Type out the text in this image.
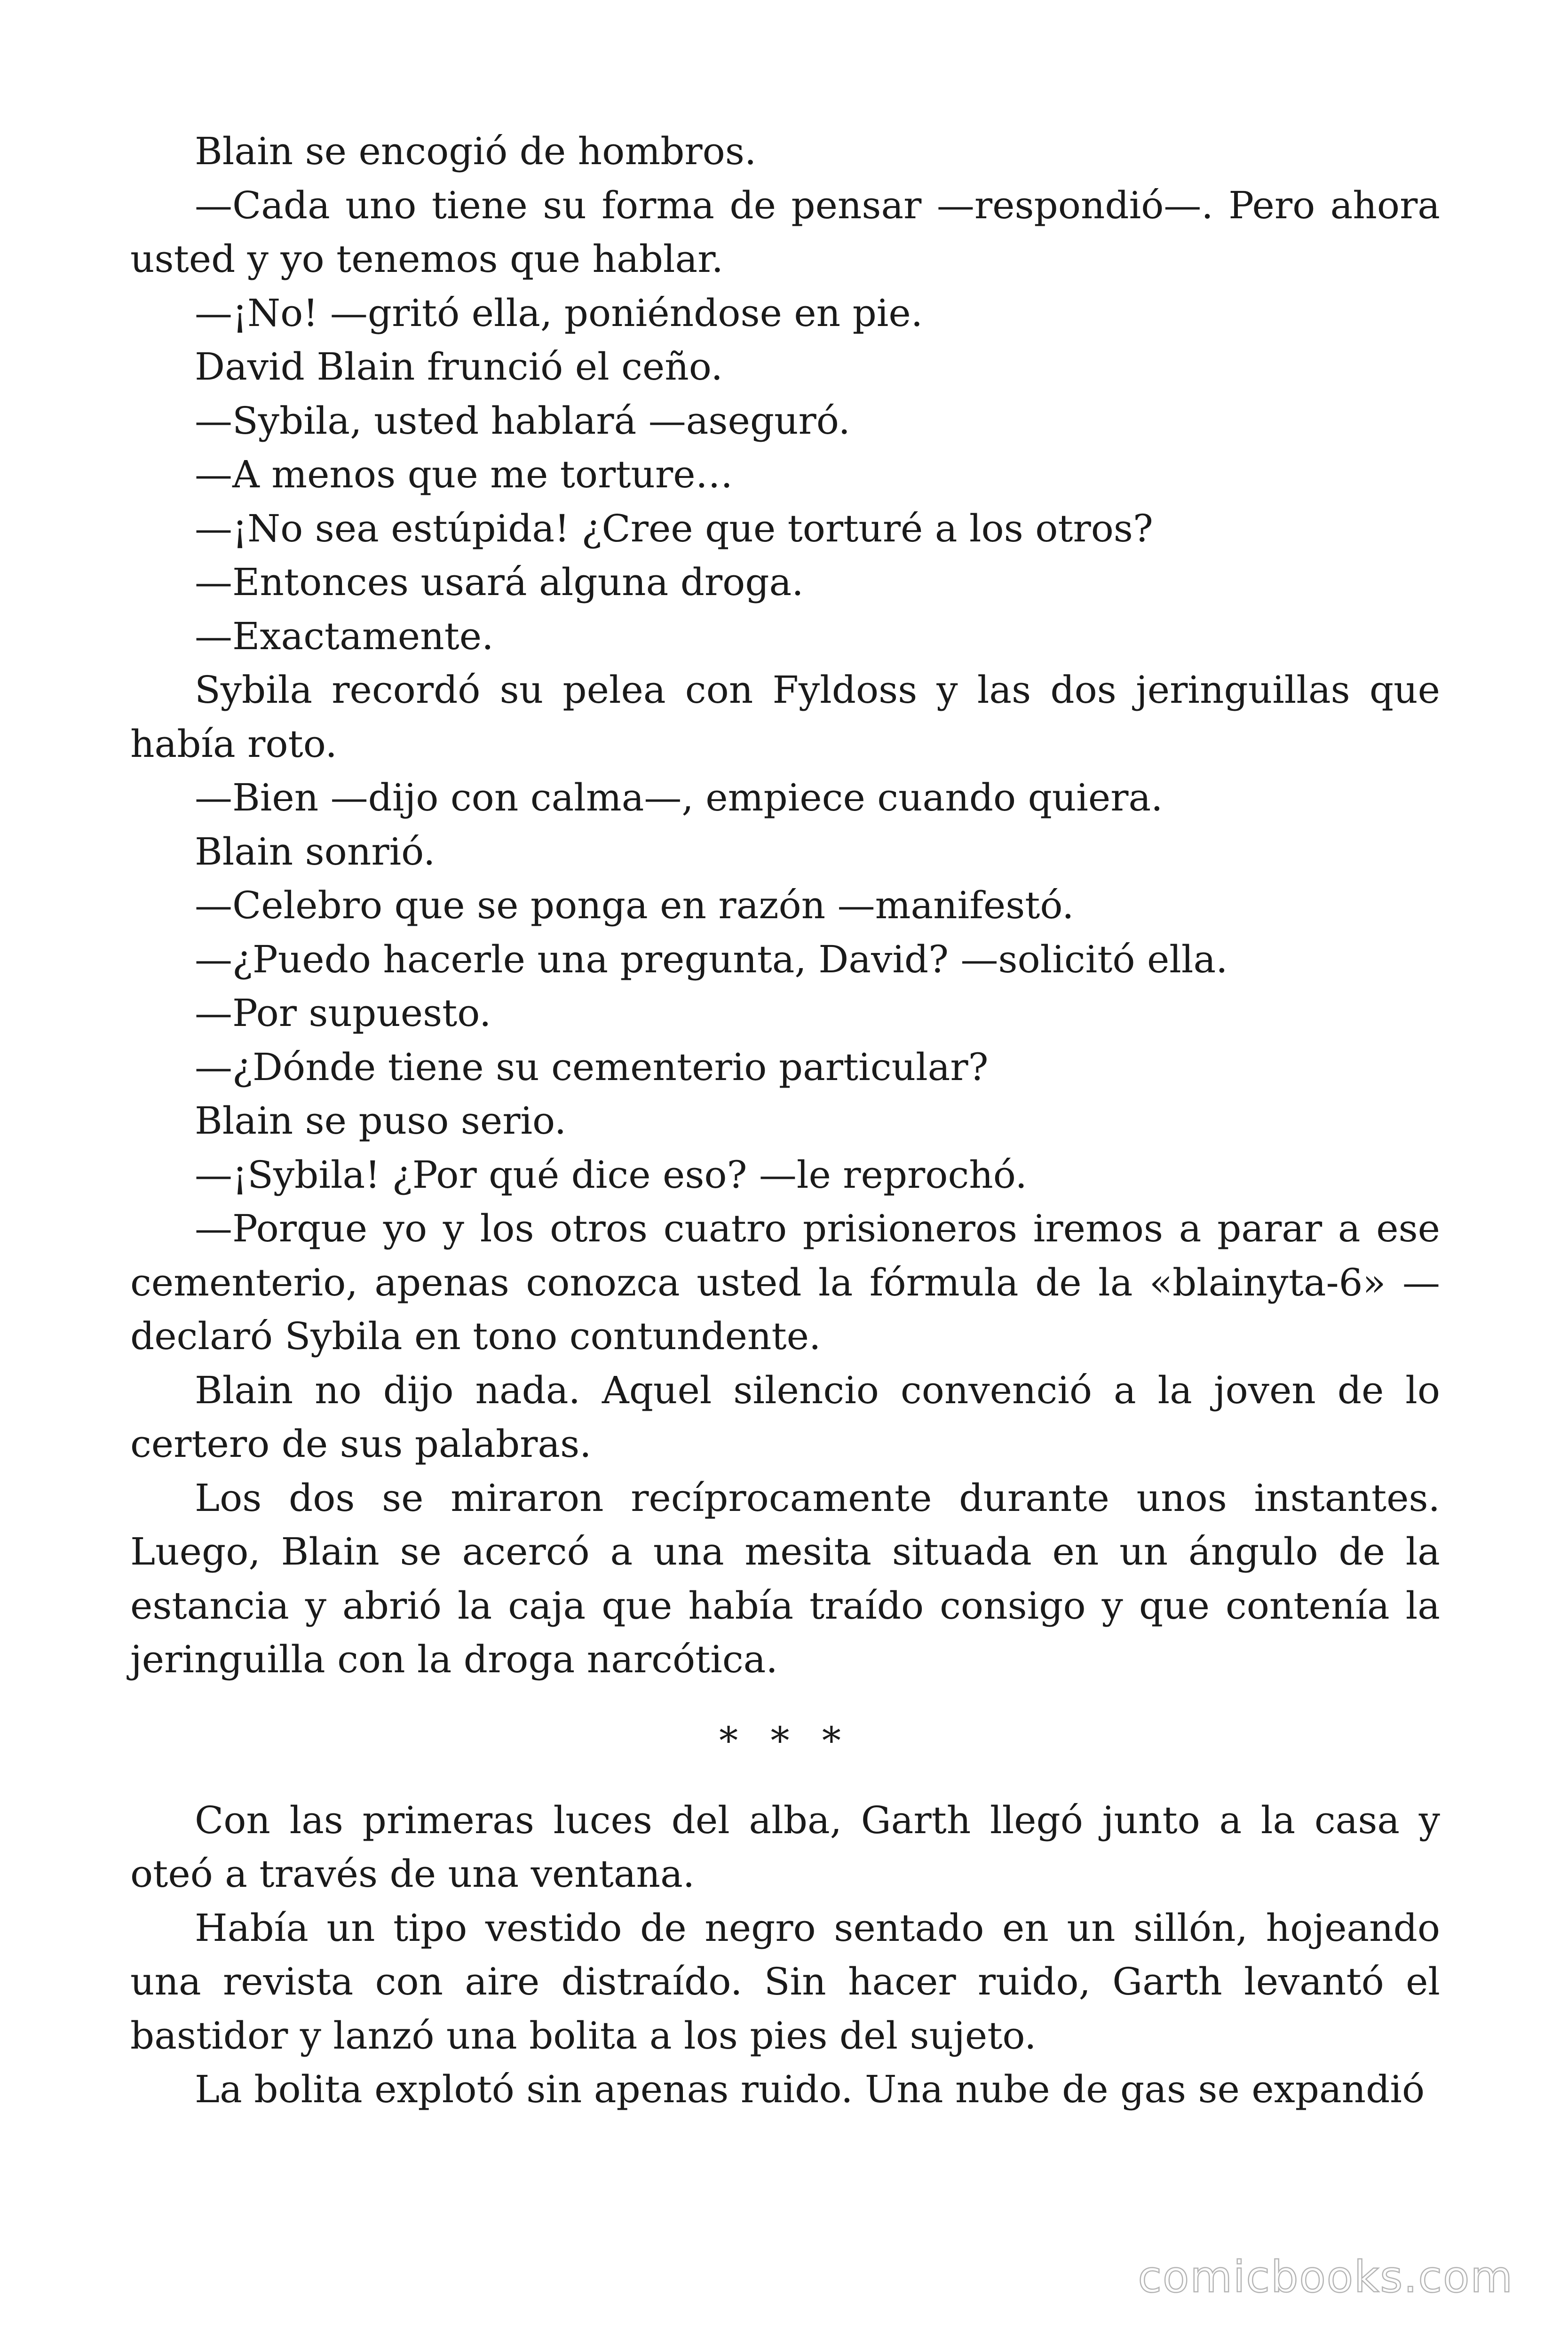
Blain se encogió de hombros.

—Cada uno tiene su forma de pensar —respondió—. Pero ahora usted y yo tenemos que hablar.

—¡No! —gritó ella, poniéndose en pie.

David Blain frunció el ceño.

—Sybila, usted hablará —aseguró.

—A menos que me torture…

—¡No sea estúpida! ¿Cree que torturé a los otros?

—Entonces usará alguna droga.

—Exactamente.

Sybila recordó su pelea con Fyldoss y las dos jeringuillas que había roto.

—Bien —dijo con calma—, empiece cuando quiera.

Blain sonrió.

—Celebro que se ponga en razón —manifestó.

—¿Puedo hacerle una pregunta, David? —solicitó ella.

—Por supuesto.

—¿Dónde tiene su cementerio particular?

Blain se puso serio.

—¡Sybila! ¿Por qué dice eso? —le reprochó.

—Porque yo y los otros cuatro prisioneros iremos a parar a ese cementerio, apenas conozca usted la fórmula de la «blainyta-6» —declaró Sybila en tono contundente.

Blain no dijo nada. Aquel silencio convenció a la joven de lo certero de sus palabras.

Los dos se miraron recíprocamente durante unos instantes. Luego, Blain se acercó a una mesita situada en un ángulo de la estancia y abrió la caja que había traído consigo y que contenía la jeringuilla con la droga narcótica.

* * *

Con las primeras luces del alba, Garth llegó junto a la casa y oteó a través de una ventana.

Había un tipo vestido de negro sentado en un sillón, hojeando una revista con aire distraído. Sin hacer ruido, Garth levantó el bastidor y lanzó una bolita a los pies del sujeto.

La bolita explotó sin apenas ruido. Una nube de gas se expandió

comicbooks.com
